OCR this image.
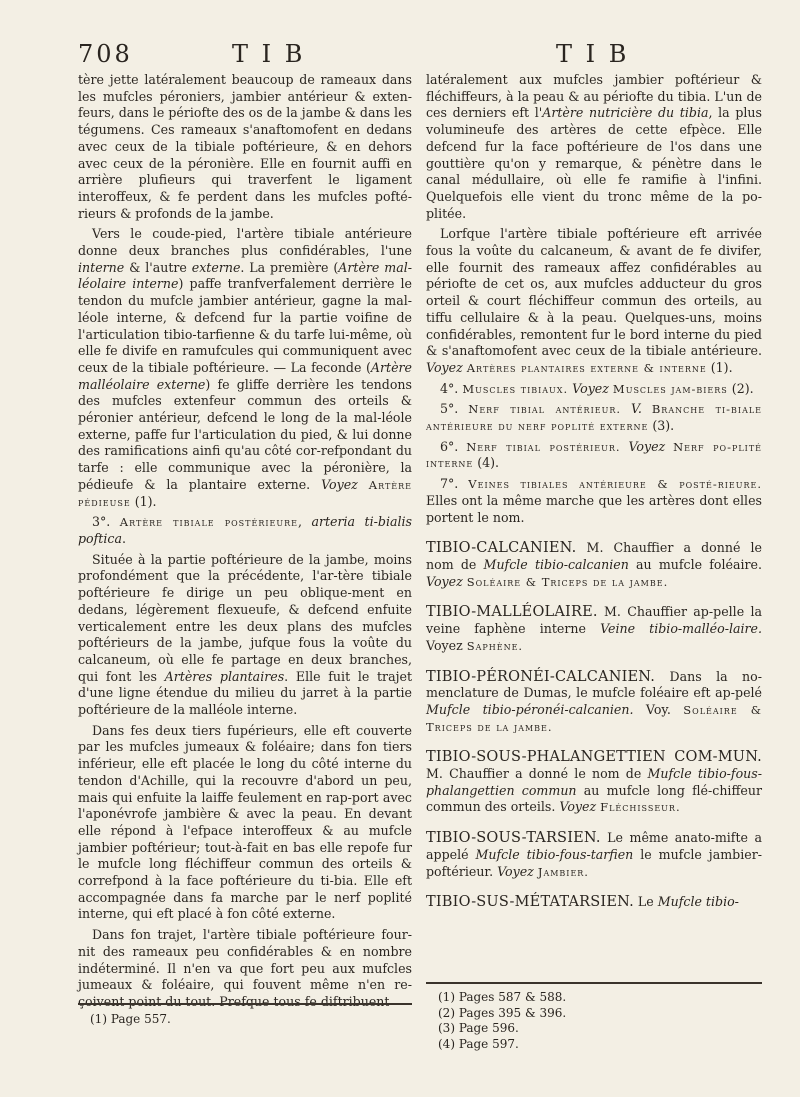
708	T I B	T I B

tère jette latéralement beaucoup de rameaux dans les mufcles péroniers, jambier antérieur & exten-feurs, dans le périofte des os de la jambe & dans les tégumens. Ces rameaux s'anaftomofent en dedans avec ceux de la tibiale poftérieure, & en dehors avec ceux de la péronière. Elle en fournit auffi en arrière plufieurs qui traverfent le ligament interoffeux, & fe perdent dans les mufcles pofté-rieurs & profonds de la jambe.

Vers le coude-pied, l'artère tibiale antérieure donne deux branches plus confidérables, l'une interne & l'autre externe. La première (Artère mal-léolaire interne) paffe tranfverfalement derrière le tendon du mufcle jambier antérieur, gagne la mal-léole interne, & defcend fur la partie voifine de l'articulation tibio-tarfienne & du tarfe lui-même, où elle fe divife en ramufcules qui communiquent avec ceux de la tibiale poftérieure. — La feconde (Artère malléolaire externe) fe gliffe derrière les tendons des mufcles extenfeur commun des orteils & péronier antérieur, defcend le long de la mal-léole externe, paffe fur l'articulation du pied, & lui donne des ramifications ainfi qu'au côté cor-refpondant du tarfe : elle communique avec la péronière, la pédieufe & la plantaire externe. Voyez Artère pédieuse (1).

3°. Artère tibiale postérieure, arteria ti-bialis poftica.

Située à la partie poftérieure de la jambe, moins profondément que la précédente, l'ar-tère tibiale poftérieure fe dirige un peu oblique-ment en dedans, légèrement flexueufe, & defcend enfuite verticalement entre les deux plans des mufcles poftérieurs de la jambe, jufque fous la voûte du calcaneum, où elle fe partage en deux branches, qui font les Artères plantaires. Elle fuit le trajet d'une ligne étendue du milieu du jarret à la partie poftérieure de la malléole interne.

Dans fes deux tiers fupérieurs, elle eft couverte par les mufcles jumeaux & foléaire; dans fon tiers inférieur, elle eft placée le long du côté interne du tendon d'Achille, qui la recouvre d'abord un peu, mais qui enfuite la laiffe feulement en rap-port avec l'aponévrofe jambière & avec la peau. En devant elle répond à l'efpace interoffeux & au mufcle jambier poftérieur; tout-à-fait en bas elle repofe fur le mufcle long fléchiffeur commun des orteils & correfpond à la face poftérieure du ti-bia. Elle eft accompagnée dans fa marche par le nerf poplité interne, qui eft placé à fon côté externe.

Dans fon trajet, l'artère tibiale poftérieure four-nit des rameaux peu confidérables & en nombre indéterminé. Il n'en va que fort peu aux mufcles jumeaux & foléaire, qui fouvent même n'en re-çoivent point du tout. Prefque tous fe diftribuent

latéralement aux mufcles jambier poftérieur & fléchiffeurs, à la peau & au périofte du tibia. L'un de ces derniers eft l'Artère nutricière du tibia, la plus volumineufe des artères de cette efpèce. Elle defcend fur la face poftérieure de l'os dans une gouttière qu'on y remarque, & pénètre dans le canal médullaire, où elle fe ramifie à l'infini. Quelquefois elle vient du tronc même de la po-plitée.

Lorfque l'artère tibiale poftérieure eft arrivée fous la voûte du calcaneum, & avant de fe divifer, elle fournit des rameaux affez confidérables au périofte de cet os, aux mufcles adducteur du gros orteil & court fléchiffeur commun des orteils, au tiffu cellulaire & à la peau. Quelques-uns, moins confidérables, remontent fur le bord interne du pied & s'anaftomofent avec ceux de la tibiale antérieure. Voyez Artères plantaires externe & interne (1).

4°. Muscles tibiaux. Voyez Muscles jam-biers (2).

5°. Nerf tibial antérieur. V. Branche ti-biale antérieure du nerf poplité externe (3).

6°. Nerf tibial postérieur. Voyez Nerf po-plité interne (4).

7°. Veines tibiales antérieure & posté-rieure. Elles ont la même marche que les artères dont elles portent le nom.

TIBIO-CALCANIEN. M. Chauffier a donné le nom de Mufcle tibio-calcanien au mufcle foléaire. Voyez Soléaire & Triceps de la jambe.

TIBIO-MALLÉOLAIRE. M. Chauffier ap-pelle la veine faphène interne Veine tibio-malléo-laire. Voyez Saphène.

TIBIO-PÉRONÉI-CALCANIEN. Dans la no-menclature de Dumas, le mufcle foléaire eft ap-pelé Mufcle tibio-péronéi-calcanien. Voy. Soléaire & Triceps de la jambe.

TIBIO-SOUS-PHALANGETTIEN COM-MUN. M. Chauffier a donné le nom de Mufcle tibio-fous-phalangettien commun au mufcle long flé-chiffeur commun des orteils. Voyez Fléchisseur.

TIBIO-SOUS-TARSIEN. Le même anato-mifte a appelé Mufcle tibio-fous-tarfien le mufcle jambier-poftérieur. Voyez Jambier.

TIBIO-SUS-MÉTATARSIEN. Le Mufcle tibio-

(1) Page 557.
(1) Pages 587 & 588.
(2) Pages 395 & 396.
(3) Page 596.
(4) Page 597.
